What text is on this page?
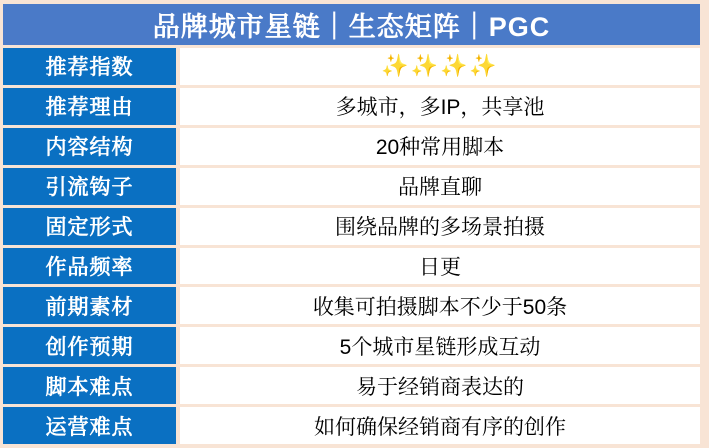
品牌城市星链｜生态矩阵｜PGC
推荐指数	✨✨✨✨
推荐理由	多城市，多IP，共享池
内容结构	20种常用脚本
引流钩子	品牌直聊
固定形式	围绕品牌的多场景拍摄
作品频率	日更
前期素材	收集可拍摄脚本不少于50条
创作预期	5个城市星链形成互动
脚本难点	易于经销商表达的
运营难点	如何确保经销商有序的创作
